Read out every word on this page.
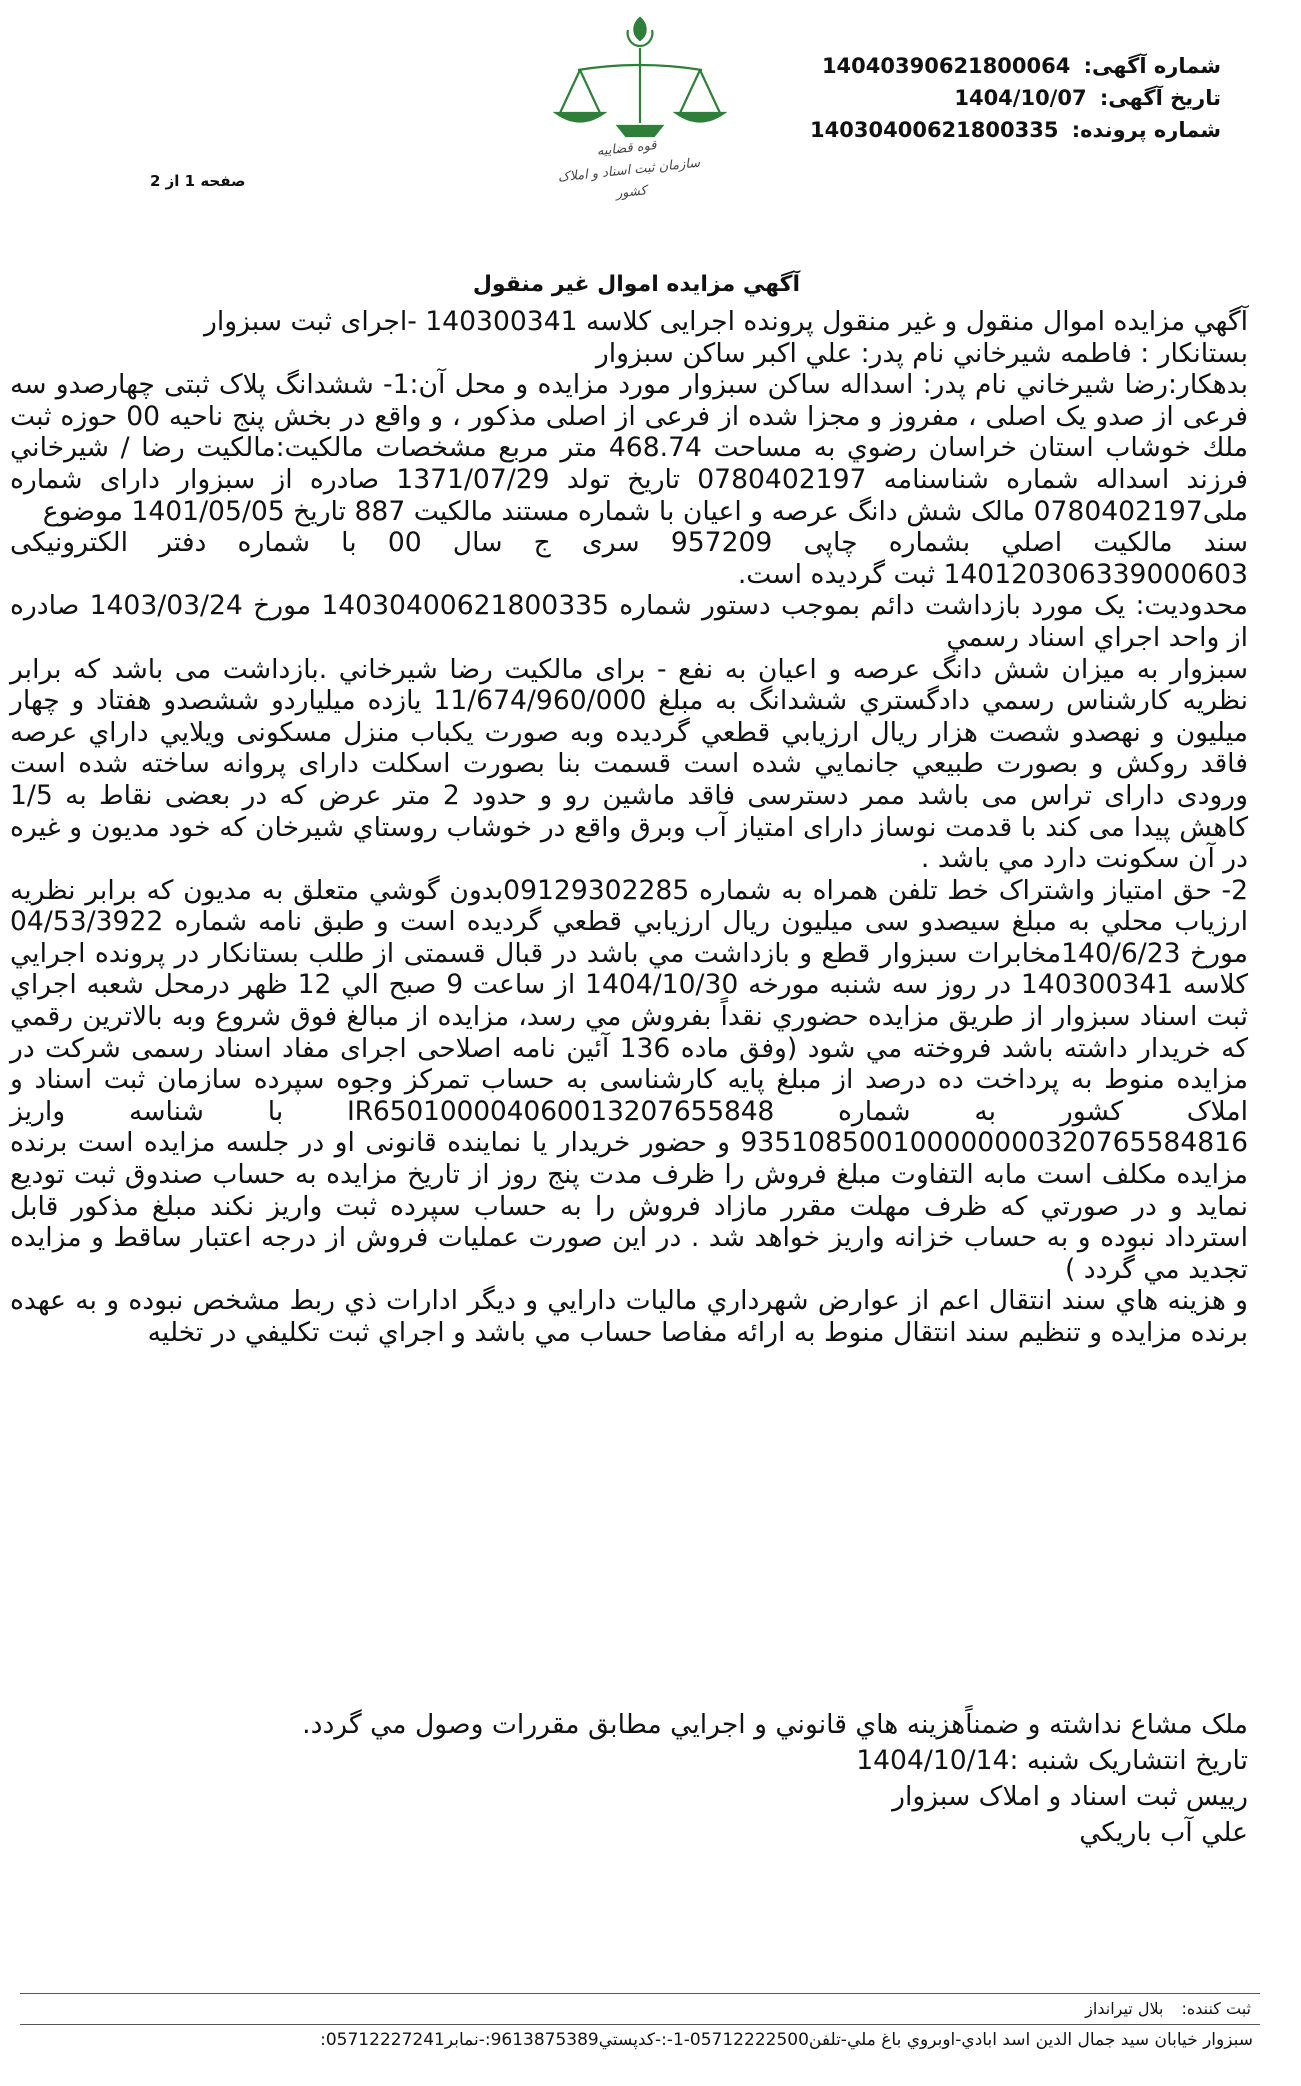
شماره آگهی: 14040390621800064
تاریخ آگهی: 1404/10/07
شماره پرونده: 14030400621800335
قوه قضاییه
سازمان ثبت اسناد و املاک کشور
صفحه 1 از 2
آگهي مزايده اموال غير منقول

آگهي مزايده اموال منقول و غير منقول پرونده اجرايی كلاسه 140300341 -اجرای ثبت سبزوار

بستانكار : فاطمه شيرخاني نام پدر: علي اكبر ساكن سبزوار

بدهكار:رضا شيرخاني نام پدر: اسداله ساكن سبزوار مورد مزايده و محل آن:1- ششدانگ پلاک ثبتی چهارصدو سه فرعی از صدو يک اصلی ، مفروز و مجزا شده از فرعی از اصلی مذكور ، و واقع در بخش پنج ناحيه 00 حوزه ثبت ملك خوشاب استان خراسان رضوي به مساحت 468.74 متر مربع مشخصات مالكيت:مالكيت رضا / شيرخاني فرزند اسداله شماره شناسنامه 0780402197 تاريخ تولد 1371/07/29 صادره از سبزوار دارای شماره ملی0780402197 مالک شش دانگ عرصه و اعيان با شماره مستند مالكيت 887 تاريخ 1401/05/05 موضوع

سند مالكيت اصلي بشماره چاپی 957209 سری ج سال 00 با شماره دفتر الكترونيكی 140120306339000603 ثبت گرديده است.

محدوديت: يک مورد بازداشت دائم بموجب دستور شماره 14030400621800335 مورخ 1403/03/24 صادره از واحد اجراي اسناد رسمي

سبزوار به ميزان شش دانگ عرصه و اعيان به نفع - برای مالكيت رضا شيرخاني .بازداشت می باشد كه برابر نظريه كارشناس رسمي دادگستري ششدانگ به مبلغ 11/674/960/000 يازده ميلياردو ششصدو هفتاد و چهار ميليون و نهصدو شصت هزار ريال ارزيابي قطعي گرديده وبه صورت يكباب منزل مسكونی ويلايي داراي عرصه فاقد روكش و بصورت طبيعي جانمايي شده است قسمت بنا بصورت اسكلت دارای پروانه ساخته شده است ورودی دارای تراس می باشد ممر دسترسی فاقد ماشين رو و حدود 2 متر عرض كه در بعضی نقاط به 1/5 كاهش پيدا می كند با قدمت نوساز دارای امتياز آب وبرق واقع در خوشاب روستاي شيرخان كه خود مديون و غيره در آن سكونت دارد مي باشد .

2- حق امتياز واشتراک خط تلفن همراه به شماره 09129302285بدون گوشي متعلق به مديون كه برابر نظريه ارزياب محلي به مبلغ سيصدو سی ميليون ريال ارزيابي قطعي گرديده است و طبق نامه شماره 04/53/3922 مورخ 140/6/23مخابرات سبزوار قطع و بازداشت مي باشد در قبال قسمتی از طلب بستانكار در پرونده اجرايي كلاسه 140300341 در روز سه شنبه مورخه 1404/10/30 از ساعت 9 صبح الي 12 ظهر درمحل شعبه اجراي ثبت اسناد سبزوار از طريق مزايده حضوري نقداً بفروش مي رسد، مزايده از مبالغ فوق شروع وبه بالاترين رقمي كه خريدار داشته باشد فروخته مي شود (وفق ماده 136 آئين نامه اصلاحی اجرای مفاد اسناد رسمی شركت در مزايده منوط به پرداخت ده درصد از مبلغ پايه كارشناسی به حساب تمركز وجوه سپرده سازمان ثبت اسناد و املاک كشور به شماره IR650100004060013207655848 با شناسه واريز 935108500100000000320765584816 و حضور خريدار يا نماينده قانونی او در جلسه مزايده است برنده مزايده مكلف است مابه التفاوت مبلغ فروش را ظرف مدت پنج روز از تاريخ مزايده به حساب صندوق ثبت توديع نمايد و در صورتي كه ظرف مهلت مقرر مازاد فروش را به حساب سپرده ثبت واريز نكند مبلغ مذكور قابل استرداد نبوده و به حساب خزانه واريز خواهد شد . در اين صورت عمليات فروش از درجه اعتبار ساقط و مزايده تجديد مي گردد )

و هزينه هاي سند انتقال اعم از عوارض شهرداري ماليات دارايي و ديگر ادارات ذي ربط مشخص نبوده و به عهده برنده مزايده و تنظيم سند انتقال منوط به ارائه مفاصا حساب مي باشد و اجراي ثبت تكليفي در تخليه

ملک مشاع نداشته و ضمناًهزينه هاي قانوني و اجرايي مطابق مقررات وصول مي گردد.

تاريخ انتشاريک شنبه :1404/10/14

رييس ثبت اسناد و املاک سبزوار

علي آب باريكي

ثبت كننده:بلال تيرانداز
سبزوار خيابان سيد جمال الدين اسد ابادي-اوبروي باغ ملي-تلفن05712222500-1-:-كدپستي9613875389:-نمابر05712227241:
